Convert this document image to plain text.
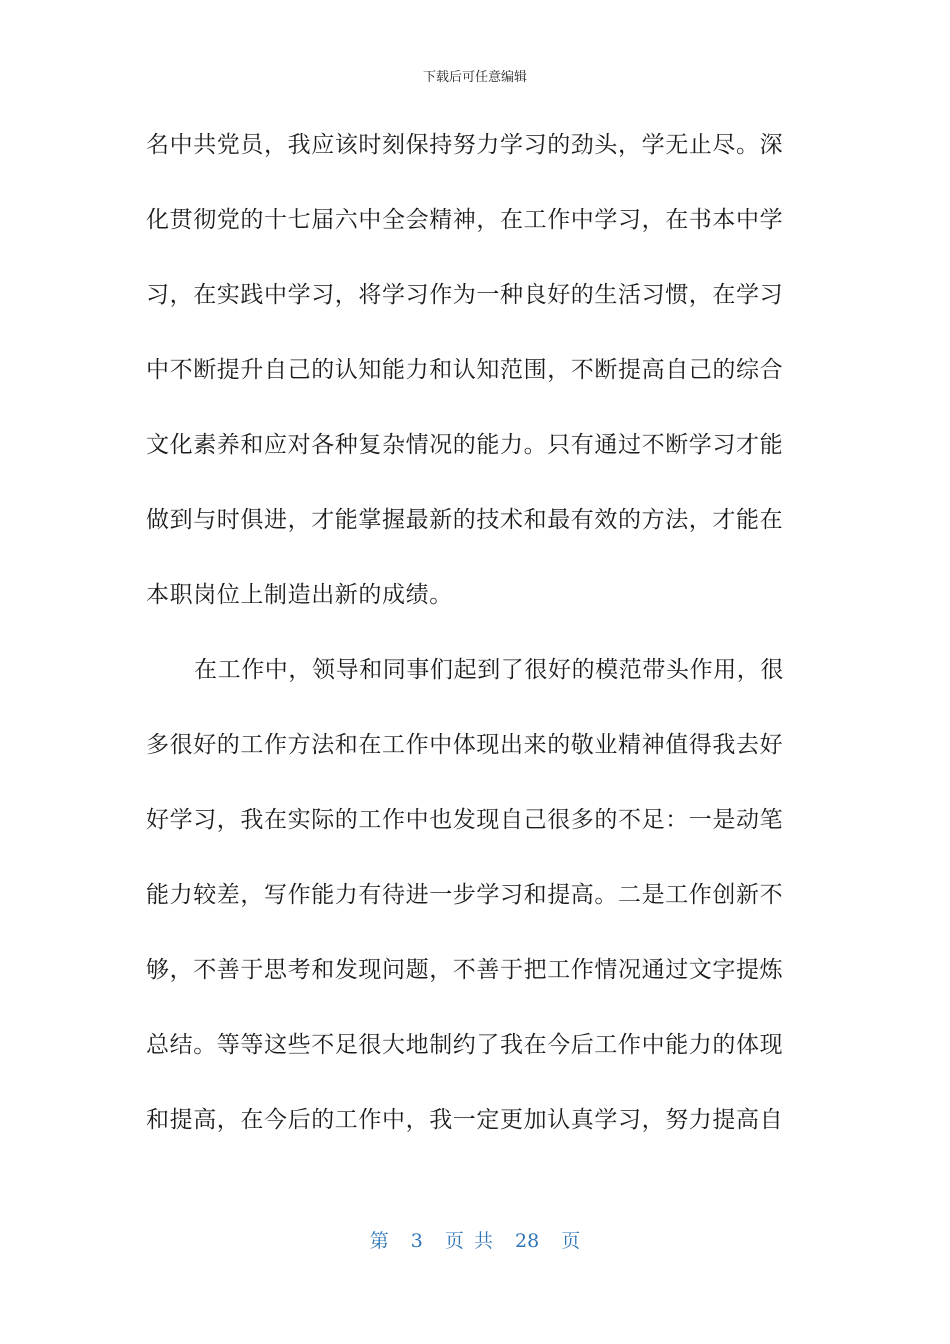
下载后可任意编辑
名中共党员，我应该时刻保持努力学习的劲头，学无止尽。深
化贯彻党的十七届六中全会精神，在工作中学习，在书本中学
习，在实践中学习，将学习作为一种良好的生活习惯，在学习
中不断提升自己的认知能力和认知范围，不断提高自己的综合
文化素养和应对各种复杂情况的能力。只有通过不断学习才能
做到与时俱进，才能掌握最新的技术和最有效的方法，才能在
本职岗位上制造出新的成绩。
在工作中，领导和同事们起到了很好的模范带头作用，很
多很好的工作方法和在工作中体现出来的敬业精神值得我去好
好学习，我在实际的工作中也发现自己很多的不足：一是动笔
能力较差，写作能力有待进一步学习和提高。二是工作创新不
够，不善于思考和发现问题，不善于把工作情况通过文字提炼
总结。等等这些不足很大地制约了我在今后工作中能力的体现
和提高，在今后的工作中，我一定更加认真学习，努力提高自
第 3 页 共 28 页
